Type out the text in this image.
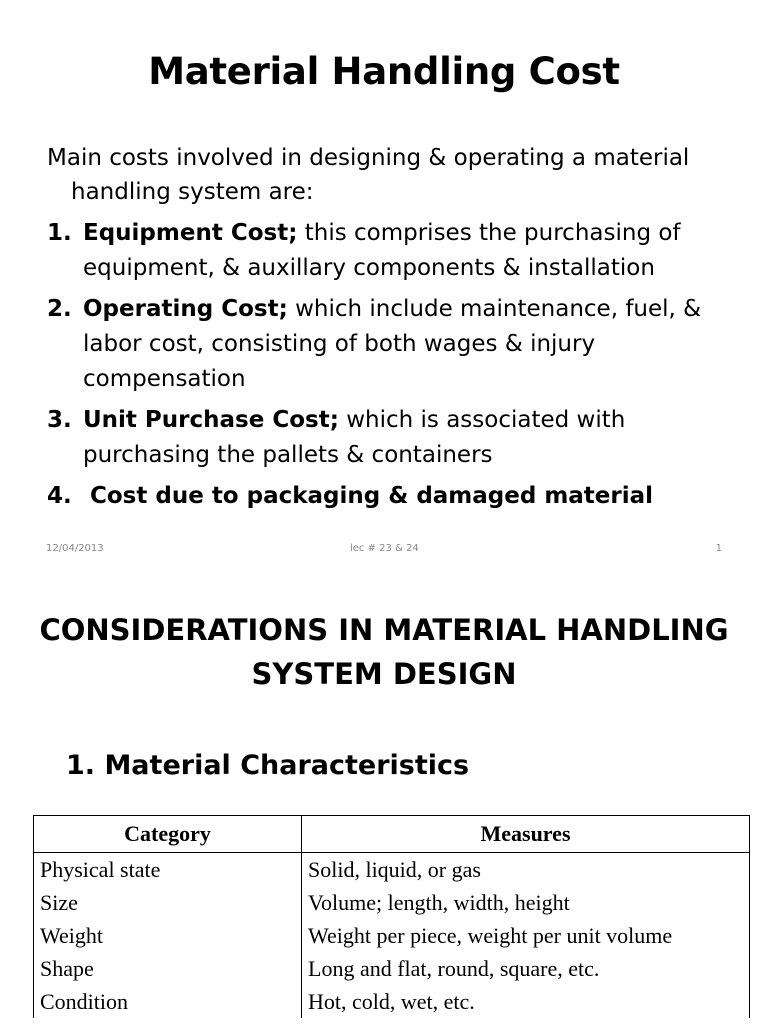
Material Handling Cost
Main costs involved in designing & operating a material handling system are:
1. Equipment Cost; this comprises the purchasing of equipment, & auxillary components & installation
2. Operating Cost; which include maintenance, fuel, & labor cost, consisting of both wages & injury compensation
3. Unit Purchase Cost; which is associated with purchasing the pallets & containers
4. Cost due to packaging & damaged material
12/04/2013	lec # 23 & 24	1
CONSIDERATIONS IN MATERIAL HANDLING
SYSTEM DESIGN
1. Material Characteristics
Category	Measures
Physical state	Solid, liquid, or gas
Size	Volume; length, width, height
Weight	Weight per piece, weight per unit volume
Shape	Long and flat, round, square, etc.
Condition	Hot, cold, wet, etc.
